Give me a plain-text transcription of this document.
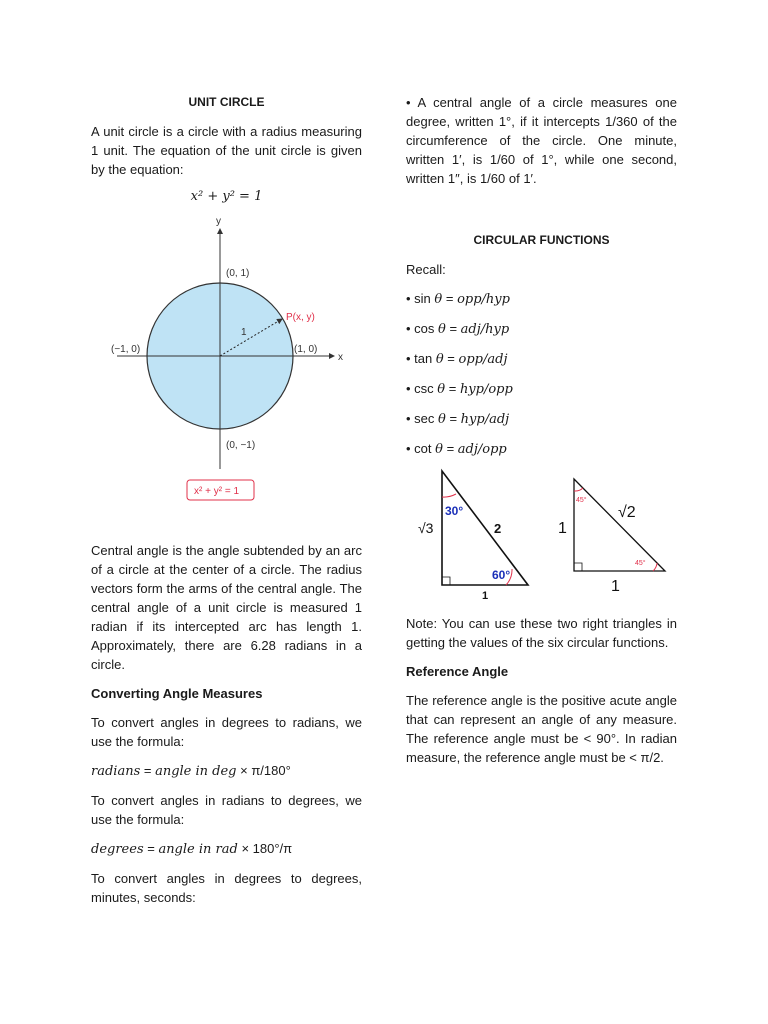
UNIT CIRCLE

A unit circle is a circle with a radius measuring 1 unit. The equation of the unit circle is given by the equation:

x² + y² = 1

y
x
(0, 1)
(0, −1)
(−1, 0)	(1, 0)
P(x, y)
1
x² + y² = 1

Central angle is the angle subtended by an arc of a circle at the center of a circle. The radius vectors form the arms of the central angle. The central angle of a unit circle is measured 1 radian if its intercepted arc has length 1. Approximately, there are 6.28 radians in a circle.

Converting Angle Measures

To convert angles in degrees to radians, we use the formula:

radians = angle in deg × π/180°

To convert angles in radians to degrees, we use the formula:

degrees = angle in rad × 180°/π

To convert angles in degrees to degrees, minutes, seconds:

• A central angle of a circle measures one degree, written 1°, if it intercepts 1/360 of the circumference of the circle. One minute, written 1′, is 1/60 of 1°, while one second, written 1″, is 1/60 of 1′.

CIRCULAR FUNCTIONS

Recall:

• sin θ = opp/hyp

• cos θ = adj/hyp

• tan θ = opp/adj

• csc θ = hyp/opp

• sec θ = hyp/adj

• cot θ = adj/opp

30°
60°
√3	2
1
45°
45°
1
√2
1

Note: You can use these two right triangles in getting the values of the six circular functions.

Reference Angle

The reference angle is the positive acute angle that can represent an angle of any measure. The reference angle must be < 90°. In radian measure, the reference angle must be < π/2.
